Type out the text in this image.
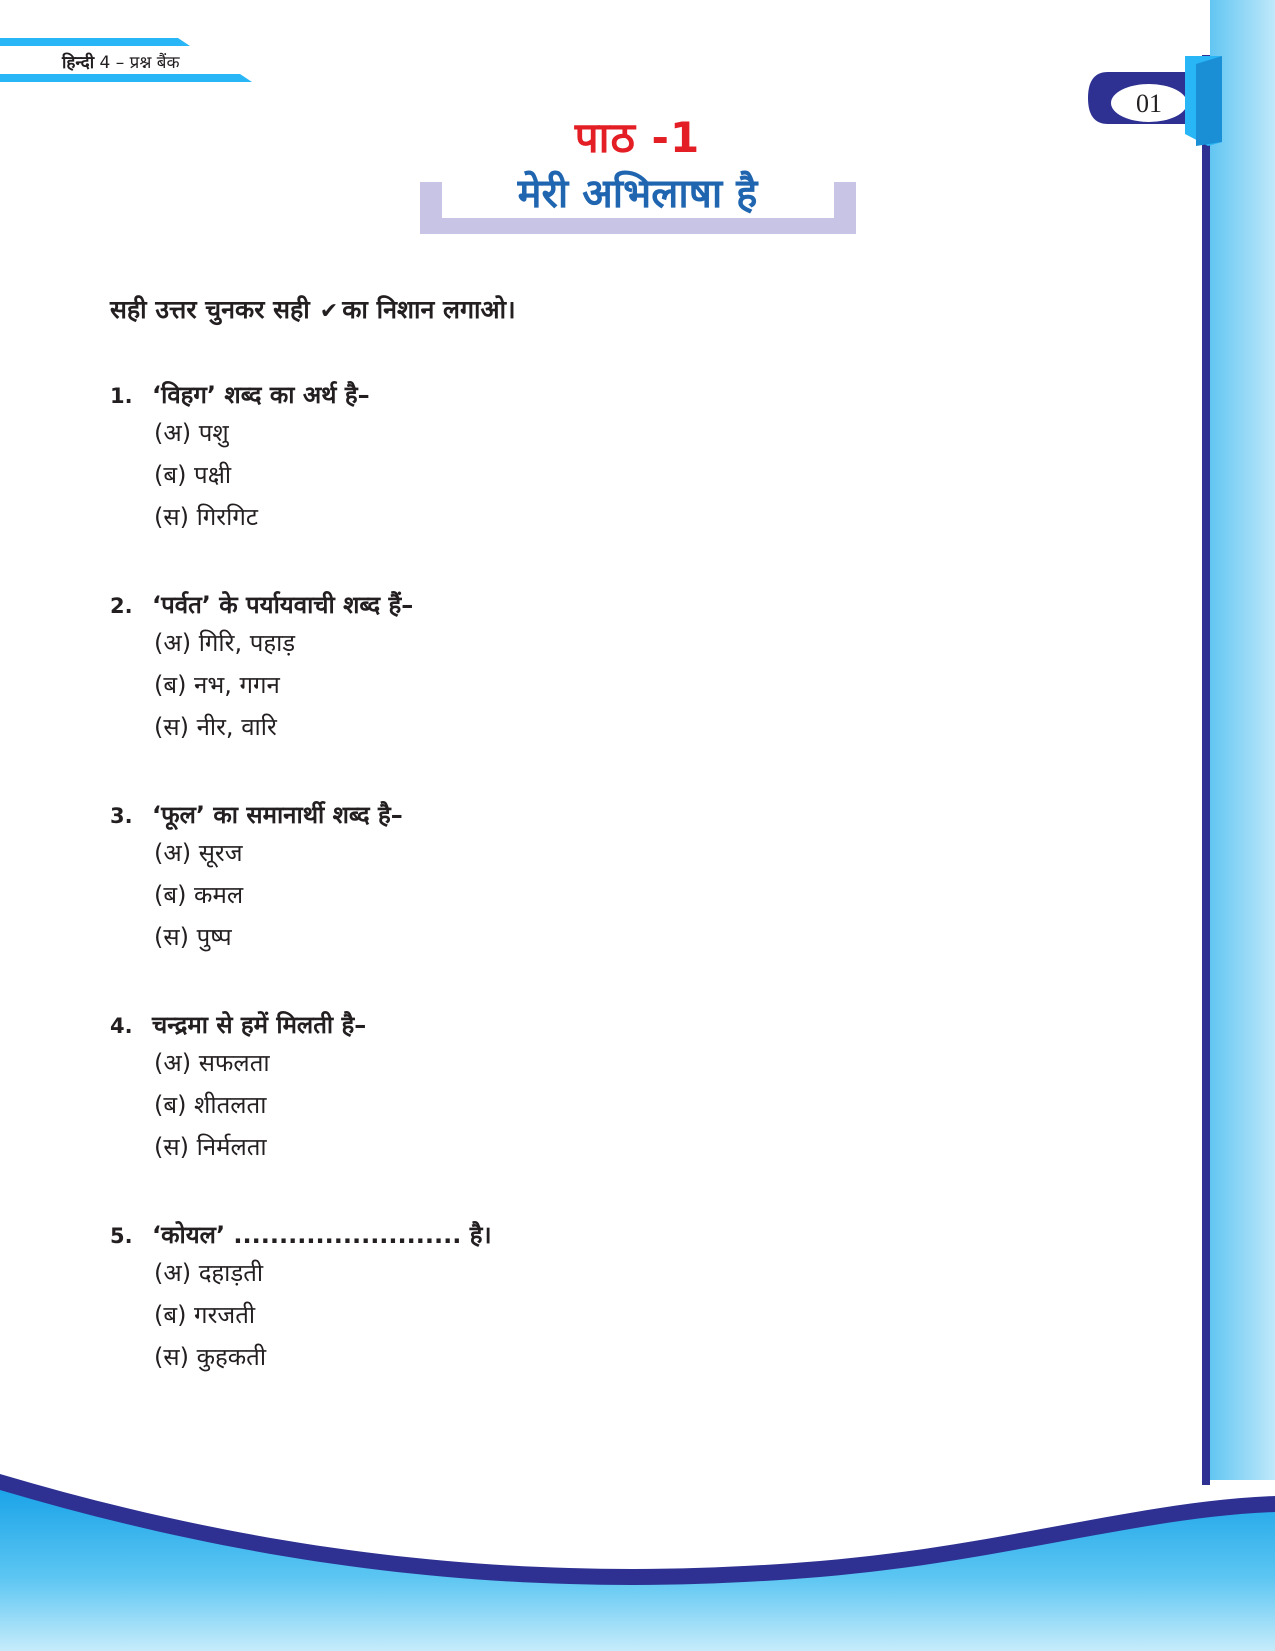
हिन्दी 4 – प्रश्न बैंक
01
पाठ -1
मेरी अभिलाषा है
सही उत्तर चुनकर सही ✔ का निशान लगाओ।
1. ‘विहग’ शब्द का अर्थ है–
(अ) पशु
(ब) पक्षी
(स) गिरगिट
2. ‘पर्वत’ के पर्यायवाची शब्द हैं–
(अ) गिरि, पहाड़
(ब) नभ, गगन
(स) नीर, वारि
3. ‘फूल’ का समानार्थी शब्द है–
(अ) सूरज
(ब) कमल
(स) पुष्प
4. चन्द्रमा से हमें मिलती है–
(अ) सफलता
(ब) शीतलता
(स) निर्मलता
5. ‘कोयल’ ......................... है।
(अ) दहाड़ती
(ब) गरजती
(स) कुहकती
